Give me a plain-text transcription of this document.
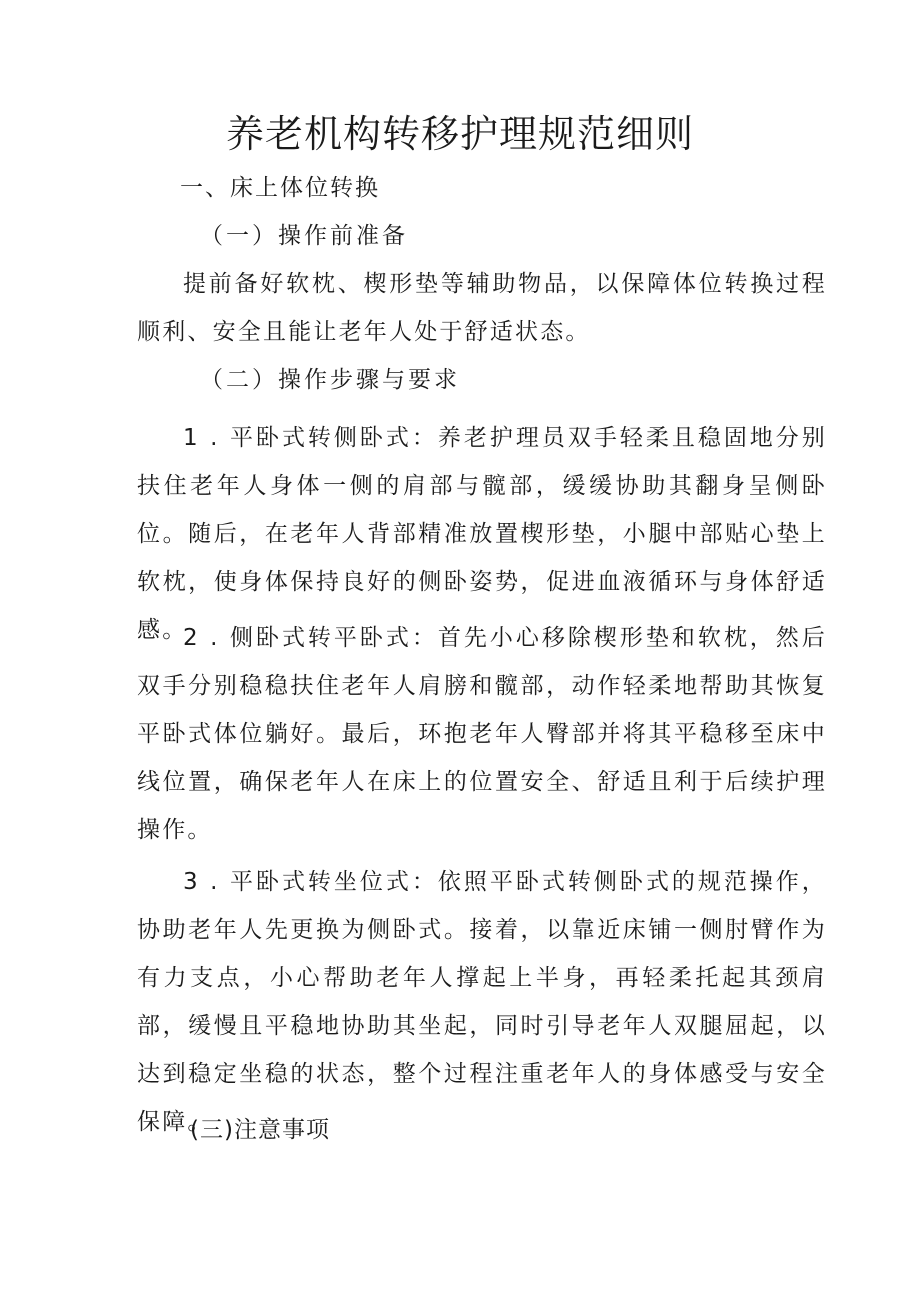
养老机构转移护理规范细则
一、床上体位转换
（一）操作前准备

提前备好软枕、楔形垫等辅助物品，以保障体位转换过程顺利、安全且能让老年人处于舒适状态。

（二）操作步骤与要求

1 . 平卧式转侧卧式：养老护理员双手轻柔且稳固地分别扶住老年人身体一侧的肩部与髋部，缓缓协助其翻身呈侧卧位。随后，在老年人背部精准放置楔形垫，小腿中部贴心垫上软枕，使身体保持良好的侧卧姿势，促进血液循环与身体舒适感。

2 . 侧卧式转平卧式：首先小心移除楔形垫和软枕，然后双手分别稳稳扶住老年人肩膀和髋部，动作轻柔地帮助其恢复平卧式体位躺好。最后，环抱老年人臀部并将其平稳移至床中线位置，确保老年人在床上的位置安全、舒适且利于后续护理操作。

3 . 平卧式转坐位式：依照平卧式转侧卧式的规范操作，协助老年人先更换为侧卧式。接着，以靠近床铺一侧肘臂作为有力支点，小心帮助老年人撑起上半身，再轻柔托起其颈肩部，缓慢且平稳地协助其坐起，同时引导老年人双腿屈起，以达到稳定坐稳的状态，整个过程注重老年人的身体感受与安全保障。

(三)注意事项
